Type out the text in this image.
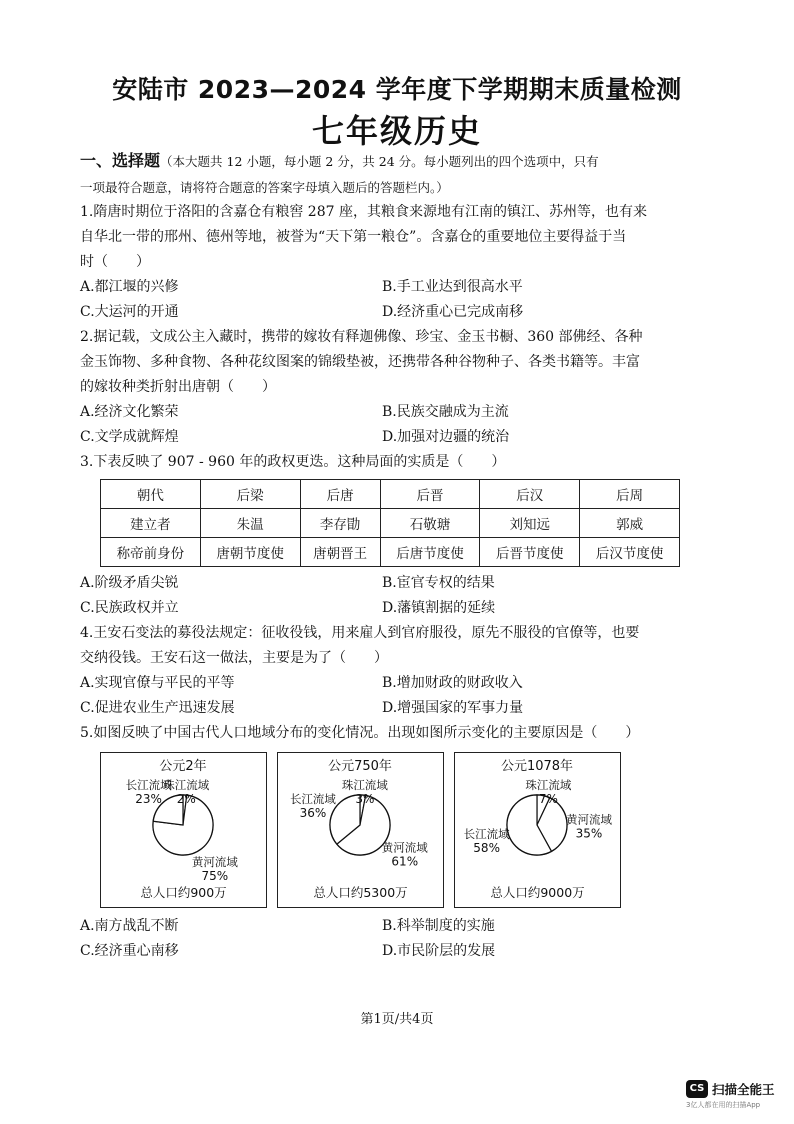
安陆市 2023—2024 学年度下学期期末质量检测
七年级历史
一、选择题（本大题共 12 小题，每小题 2 分，共 24 分。每小题列出的四个选项中，只有
一项最符合题意，请将符合题意的答案字母填入题后的答题栏内。）
1.隋唐时期位于洛阳的含嘉仓有粮窖 287 座，其粮食来源地有江南的镇江、苏州等，也有来
自华北一带的邢州、德州等地，被誉为“天下第一粮仓”。含嘉仓的重要地位主要得益于当
时（　　）
A.都江堰的兴修	B.手工业达到很高水平
C.大运河的开通	D.经济重心已完成南移
2.据记载，文成公主入藏时，携带的嫁妆有释迦佛像、珍宝、金玉书橱、360 部佛经、各种
金玉饰物、多种食物、各种花纹图案的锦缎垫被，还携带各种谷物种子、各类书籍等。丰富
的嫁妆种类折射出唐朝（　　）
A.经济文化繁荣	B.民族交融成为主流
C.文学成就辉煌	D.加强对边疆的统治
3.下表反映了 907 - 960 年的政权更迭。这种局面的实质是（　　）
朝代	后梁	后唐	后晋	后汉	后周
建立者	朱温	李存勖	石敬瑭	刘知远	郭威
称帝前身份	唐朝节度使	唐朝晋王	后唐节度使	后晋节度使	后汉节度使
A.阶级矛盾尖锐	B.宦官专权的结果
C.民族政权并立	D.藩镇割据的延续
4.王安石变法的募役法规定：征收役钱，用来雇人到官府服役，原先不服役的官僚等，也要
交纳役钱。王安石这一做法，主要是为了（　　）
A.实现官僚与平民的平等	B.增加财政的财政收入
C.促进农业生产迅速发展	D.增强国家的军事力量
5.如图反映了中国古代人口地域分布的变化情况。出现如图所示变化的主要原因是（　　）
公元2年
长江流域
23%
珠江流域
2%
黄河流域
75%
总人口约900万
公元750年
长江流域
36%
珠江流域
3%
黄河流域
61%
总人口约5300万
公元1078年
长江流域
58%
珠江流域
7%
黄河流域
35%
总人口约9000万
A.南方战乱不断	B.科举制度的实施
C.经济重心南移	D.市民阶层的发展
第1页/共4页
CS 扫描全能王
3亿人都在用的扫描App
